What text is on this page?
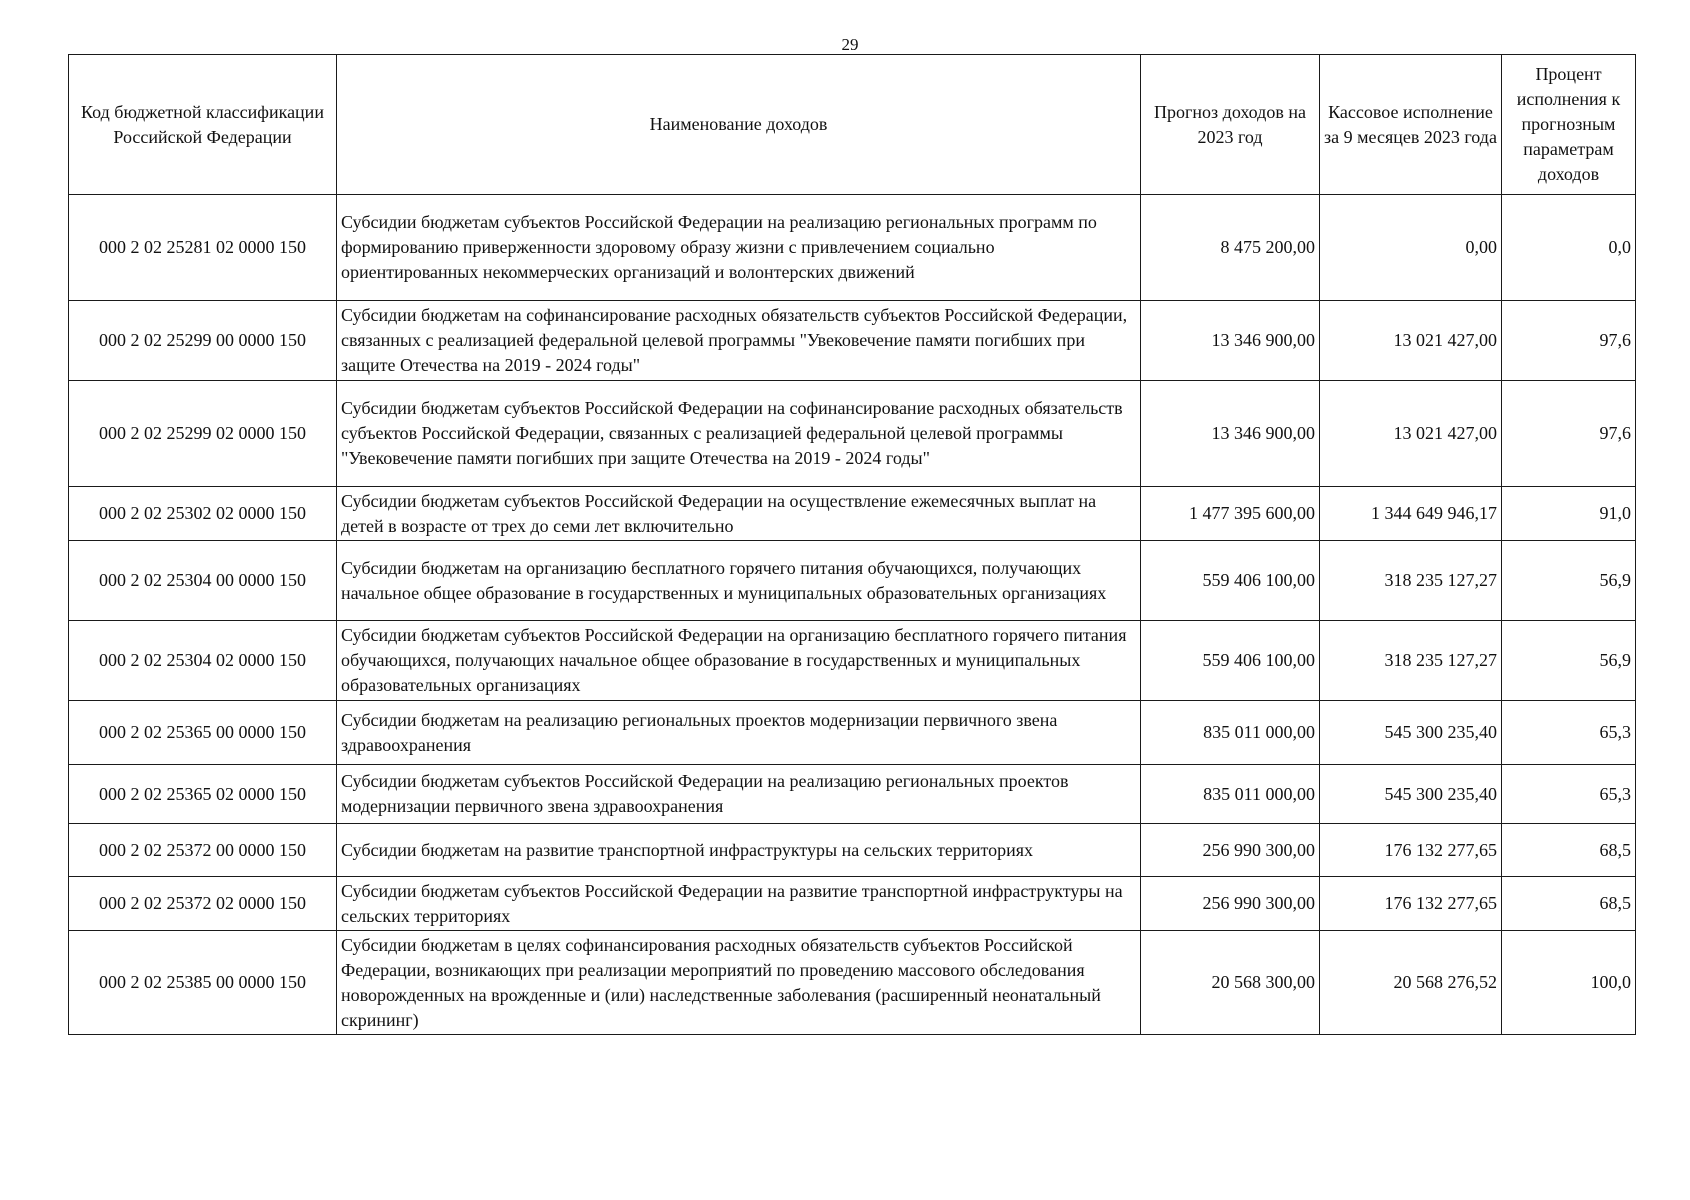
29
Код бюджетной классификации Российской Федерации	Наименование доходов	Прогноз доходов на 2023 год	Кассовое исполнение за 9 месяцев 2023 года	Процент исполнения к прогнозным параметрам доходов
000 2 02 25281 02 0000 150	Субсидии бюджетам субъектов Российской Федерации на реализацию региональных программ по формированию приверженности здоровому образу жизни с привлечением социально ориентированных некоммерческих организаций и волонтерских движений	8 475 200,00	0,00	0,0
000 2 02 25299 00 0000 150	Субсидии бюджетам на софинансирование расходных обязательств субъектов Российской Федерации, связанных с реализацией федеральной целевой программы "Увековечение памяти погибших при защите Отечества на 2019 - 2024 годы"	13 346 900,00	13 021 427,00	97,6
000 2 02 25299 02 0000 150	Субсидии бюджетам субъектов Российской Федерации на софинансирование расходных обязательств субъектов Российской Федерации, связанных с реализацией федеральной целевой программы "Увековечение памяти погибших при защите Отечества на 2019 - 2024 годы"	13 346 900,00	13 021 427,00	97,6
000 2 02 25302 02 0000 150	Субсидии бюджетам субъектов Российской Федерации на осуществление ежемесячных выплат на детей в возрасте от трех до семи лет включительно	1 477 395 600,00	1 344 649 946,17	91,0
000 2 02 25304 00 0000 150	Субсидии бюджетам на организацию бесплатного горячего питания обучающихся, получающих начальное общее образование в государственных и муниципальных образовательных организациях	559 406 100,00	318 235 127,27	56,9
000 2 02 25304 02 0000 150	Субсидии бюджетам субъектов Российской Федерации на организацию бесплатного горячего питания обучающихся, получающих начальное общее образование в государственных и муниципальных образовательных организациях	559 406 100,00	318 235 127,27	56,9
000 2 02 25365 00 0000 150	Субсидии бюджетам на реализацию региональных проектов модернизации первичного звена здравоохранения	835 011 000,00	545 300 235,40	65,3
000 2 02 25365 02 0000 150	Субсидии бюджетам субъектов Российской Федерации на реализацию региональных проектов модернизации первичного звена здравоохранения	835 011 000,00	545 300 235,40	65,3
000 2 02 25372 00 0000 150	Субсидии бюджетам на развитие транспортной инфраструктуры на сельских территориях	256 990 300,00	176 132 277,65	68,5
000 2 02 25372 02 0000 150	Субсидии бюджетам субъектов Российской Федерации на развитие транспортной инфраструктуры на сельских территориях	256 990 300,00	176 132 277,65	68,5
000 2 02 25385 00 0000 150	Субсидии бюджетам в целях софинансирования расходных обязательств субъектов Российской Федерации, возникающих при реализации мероприятий по проведению массового обследования новорожденных на врожденные и (или) наследственные заболевания (расширенный неонатальный скрининг)	20 568 300,00	20 568 276,52	100,0
